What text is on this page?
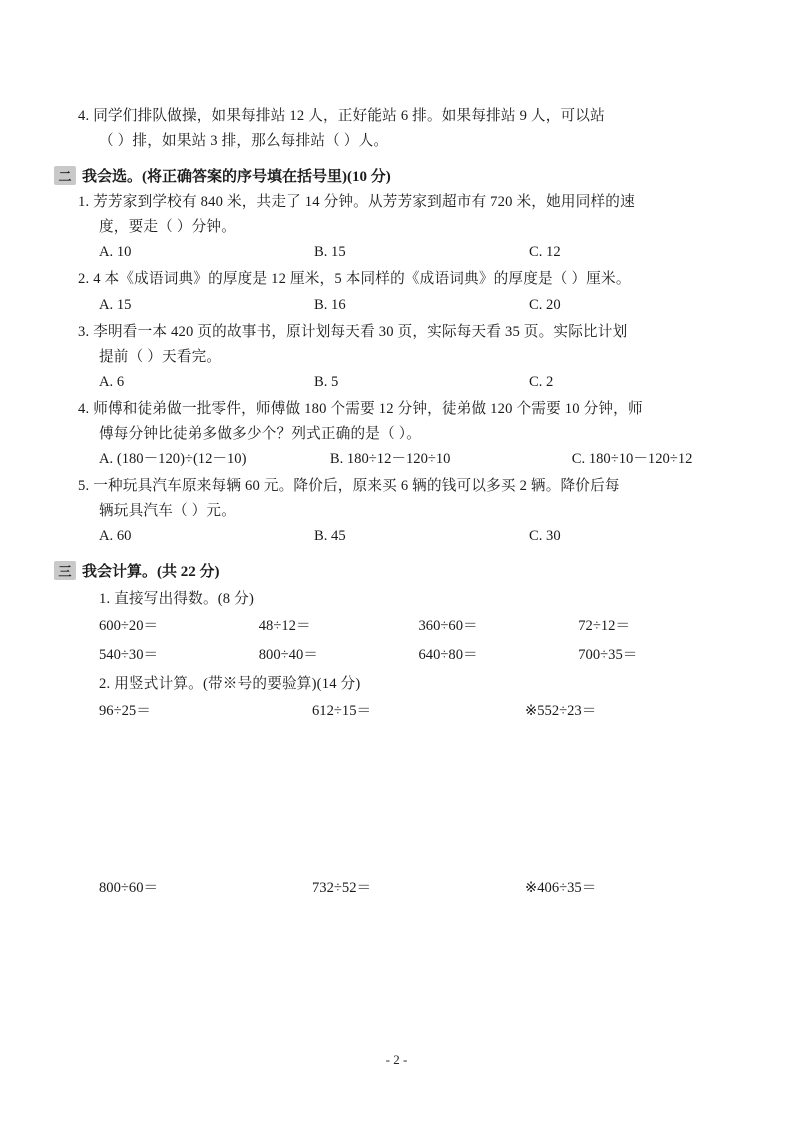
4. 同学们排队做操，如果每排站 12 人，正好能站 6 排。如果每排站 9 人，可以站
（ ）排，如果站 3 排，那么每排站（ ）人。
二 我会选。(将正确答案的序号填在括号里)(10 分)
1. 芳芳家到学校有 840 米，共走了 14 分钟。从芳芳家到超市有 720 米，她用同样的速
度，要走（ ）分钟。
A. 10	B. 15	C. 12
2. 4 本《成语词典》的厚度是 12 厘米，5 本同样的《成语词典》的厚度是（ ）厘米。
A. 15	B. 16	C. 20
3. 李明看一本 420 页的故事书，原计划每天看 30 页，实际每天看 35 页。实际比计划
提前（ ）天看完。
A. 6	B. 5	C. 2
4. 师傅和徒弟做一批零件，师傅做 180 个需要 12 分钟，徒弟做 120 个需要 10 分钟，师
傅每分钟比徒弟多做多少个？列式正确的是（ ）。
A. (180－120)÷(12－10)	B. 180÷12－120÷10	C. 180÷10－120÷12
5. 一种玩具汽车原来每辆 60 元。降价后，原来买 6 辆的钱可以多买 2 辆。降价后每
辆玩具汽车（ ）元。
A. 60	B. 45	C. 30
三 我会计算。(共 22 分)
1. 直接写出得数。(8 分)
600÷20＝	48÷12＝	360÷60＝	72÷12＝
540÷30＝	800÷40＝	640÷80＝	700÷35＝
2. 用竖式计算。(带※号的要验算)(14 分)
96÷25＝	612÷15＝	※552÷23＝
800÷60＝	732÷52＝	※406÷35＝
- 2 -
